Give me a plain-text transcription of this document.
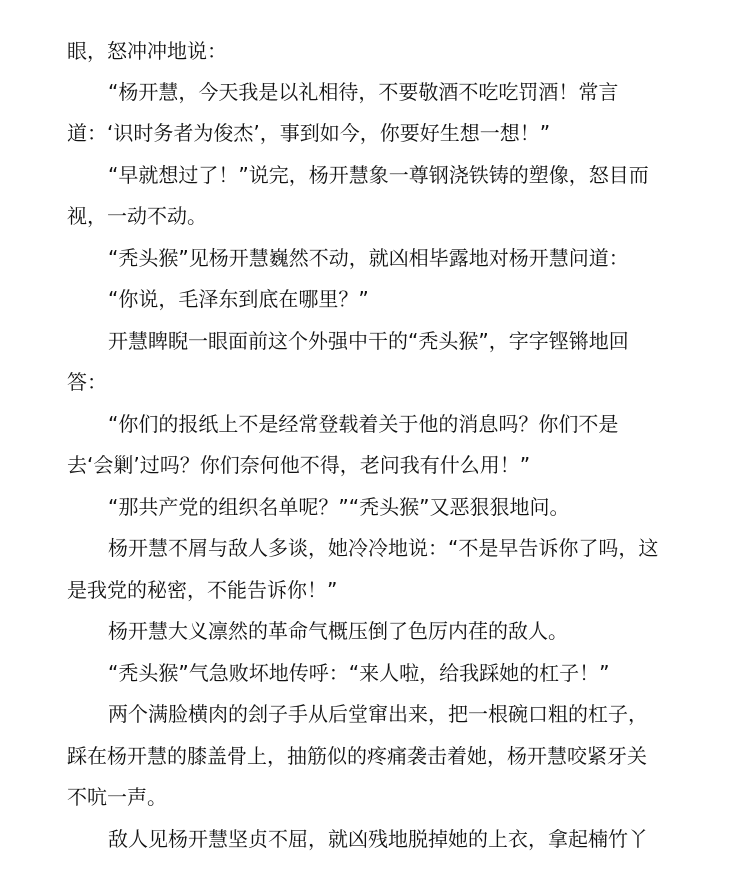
眼，怒冲冲地说：

“杨开慧，今天我是以礼相待，不要敬酒不吃吃罚酒！常言

道：‘识时务者为俊杰’，事到如今，你要好生想一想！”

“早就想过了！”说完，杨开慧象一尊钢浇铁铸的塑像，怒目而

视，一动不动。

“秃头猴”见杨开慧巍然不动，就凶相毕露地对杨开慧问道：

“你说，毛泽东到底在哪里？”

开慧睥睨一眼面前这个外强中干的“秃头猴”，字字铿锵地回

答：

“你们的报纸上不是经常登载着关于他的消息吗？你们不是

去‘会剿’过吗？你们奈何他不得，老问我有什么用！”

“那共产党的组织名单呢？”“秃头猴”又恶狠狠地问。

杨开慧不屑与敌人多谈，她冷冷地说：“不是早告诉你了吗，这

是我党的秘密，不能告诉你！”

杨开慧大义凛然的革命气概压倒了色厉内荏的敌人。

“秃头猴”气急败坏地传呼：“来人啦，给我踩她的杠子！”

两个满脸横肉的刽子手从后堂窜出来，把一根碗口粗的杠子，

踩在杨开慧的膝盖骨上，抽筋似的疼痛袭击着她，杨开慧咬紧牙关

不吭一声。

敌人见杨开慧坚贞不屈，就凶残地脱掉她的上衣，拿起楠竹丫
